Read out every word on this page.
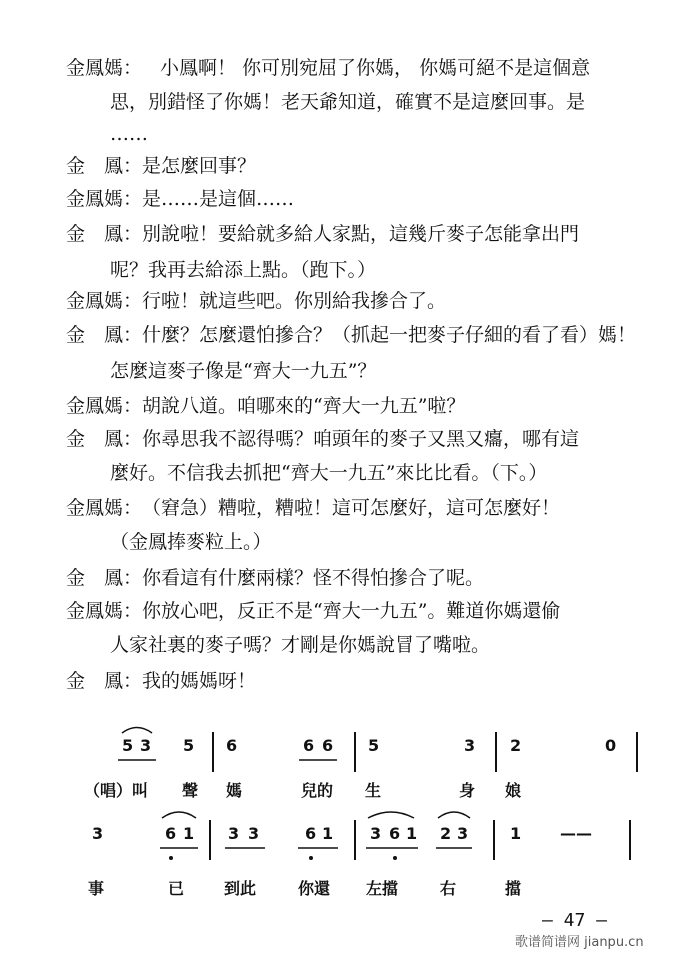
金鳳媽： 小鳳啊！ 你可別宛屈了你媽， 你媽可絕不是這個意
思，別錯怪了你媽！老天爺知道，確實不是這麼回事。是
……
金　鳳： 是怎麼回事？
金鳳媽： 是……是這個……
金　鳳： 別說啦！要給就多給人家點，這幾斤麥子怎能拿出門
呢？我再去給添上點。（跑下。）
金鳳媽： 行啦！就這些吧。你別給我摻合了。
金　鳳： 什麼？怎麼還怕摻合？（抓起一把麥子仔細的看了看）媽！
怎麼這麥子像是“齊大一九五”？
金鳳媽： 胡說八道。咱哪來的“齊大一九五”啦？
金　鳳： 你尋思我不認得嗎？咱頭年的麥子又黑又癟，哪有這
麼好。不信我去抓把“齊大一九五”來比比看。（下。）
金鳳媽： （窘急）糟啦，糟啦！這可怎麼好，這可怎麼好！
（金鳳捧麥粒上。）
金　鳳： 你看這有什麼兩樣？怪不得怕摻合了呢。
金鳳媽： 你放心吧，反正不是“齊大一九五”。難道你媽還偷
人家社裏的麥子嗎？才剛是你媽說冒了嘴啦。
金　鳳： 我的媽媽呀！
5 3 5 6	6 6 5	3 2	0
（唱）叫 聲 媽	兒的 生	身 娘
3	6 1 3 3	6 1 3 6 1 2 3	1 ——
事	已 到此	你還 左擋	右	擋
— 47 —
歌谱简谱网 jianpu.cn
